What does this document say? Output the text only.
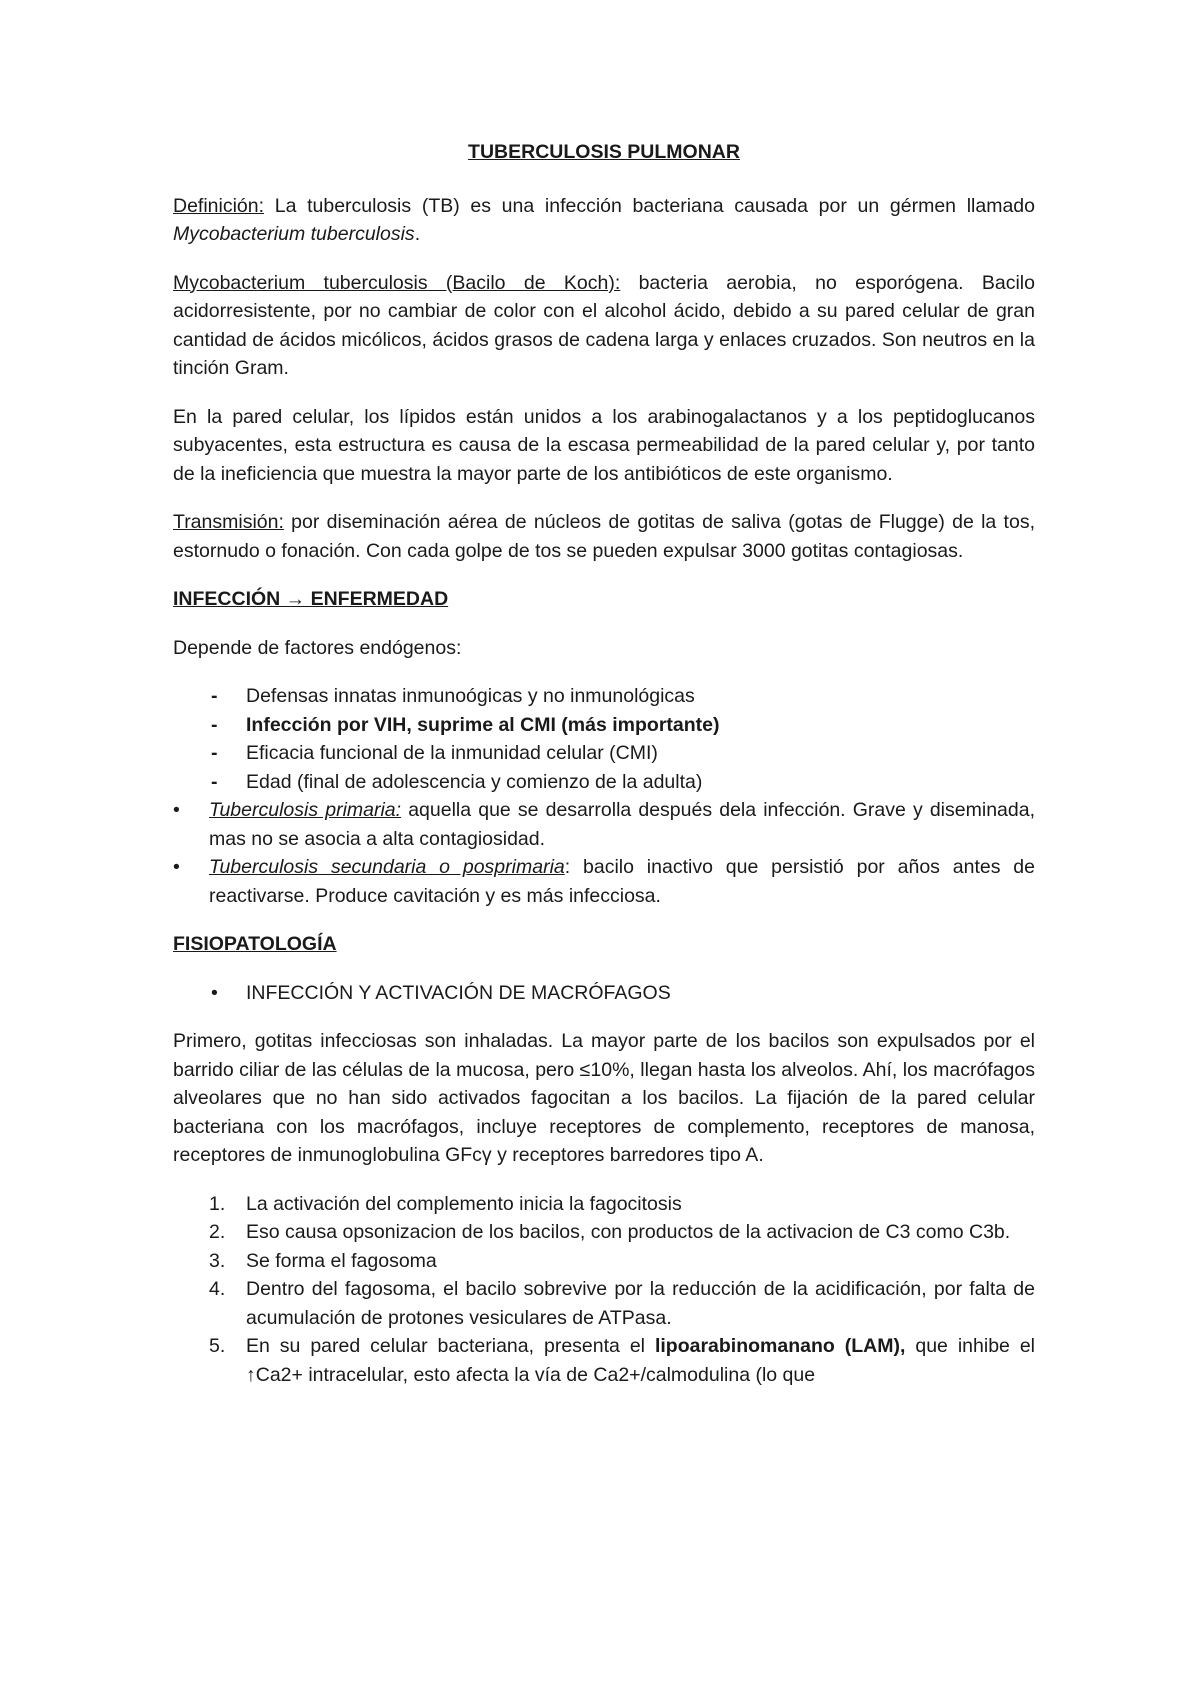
TUBERCULOSIS PULMONAR

Definición: La tuberculosis (TB) es una infección bacteriana causada por un gérmen llamado Mycobacterium tuberculosis.

Mycobacterium tuberculosis (Bacilo de Koch): bacteria aerobia, no esporógena. Bacilo acidorresistente, por no cambiar de color con el alcohol ácido, debido a su pared celular de gran cantidad de ácidos micólicos, ácidos grasos de cadena larga y enlaces cruzados. Son neutros en la tinción Gram.

En la pared celular, los lípidos están unidos a los arabinogalactanos y a los peptidoglucanos subyacentes, esta estructura es causa de la escasa permeabilidad de la pared celular y, por tanto de la ineficiencia que muestra la mayor parte de los antibióticos de este organismo.

Transmisión: por diseminación aérea de núcleos de gotitas de saliva (gotas de Flugge) de la tos, estornudo o fonación. Con cada golpe de tos se pueden expulsar 3000 gotitas contagiosas.

INFECCIÓN → ENFERMEDAD

Depende de factores endógenos:

- Defensas innatas inmunoógicas y no inmunológicas
- Infección por VIH, suprime al CMI (más importante)
- Eficacia funcional de la inmunidad celular (CMI)
- Edad (final de adolescencia y comienzo de la adulta)
• Tuberculosis primaria: aquella que se desarrolla después dela infección. Grave y diseminada, mas no se asocia a alta contagiosidad.
• Tuberculosis secundaria o posprimaria: bacilo inactivo que persistió por años antes de reactivarse. Produce cavitación y es más infecciosa.

FISIOPATOLOGÍA

• INFECCIÓN Y ACTIVACIÓN DE MACRÓFAGOS

Primero, gotitas infecciosas son inhaladas. La mayor parte de los bacilos son expulsados por el barrido ciliar de las células de la mucosa, pero ≤10%, llegan hasta los alveolos. Ahí, los macrófagos alveolares que no han sido activados fagocitan a los bacilos. La fijación de la pared celular bacteriana con los macrófagos, incluye receptores de complemento, receptores de manosa, receptores de inmunoglobulina GFcγ y receptores barredores tipo A.

1. La activación del complemento inicia la fagocitosis
2. Eso causa opsonizacion de los bacilos, con productos de la activacion de C3 como C3b.
3. Se forma el fagosoma
4. Dentro del fagosoma, el bacilo sobrevive por la reducción de la acidificación, por falta de acumulación de protones vesiculares de ATPasa.
5. En su pared celular bacteriana, presenta el lipoarabinomanano (LAM), que inhibe el ↑Ca2+ intracelular, esto afecta la vía de Ca2+/calmodulina (lo que
